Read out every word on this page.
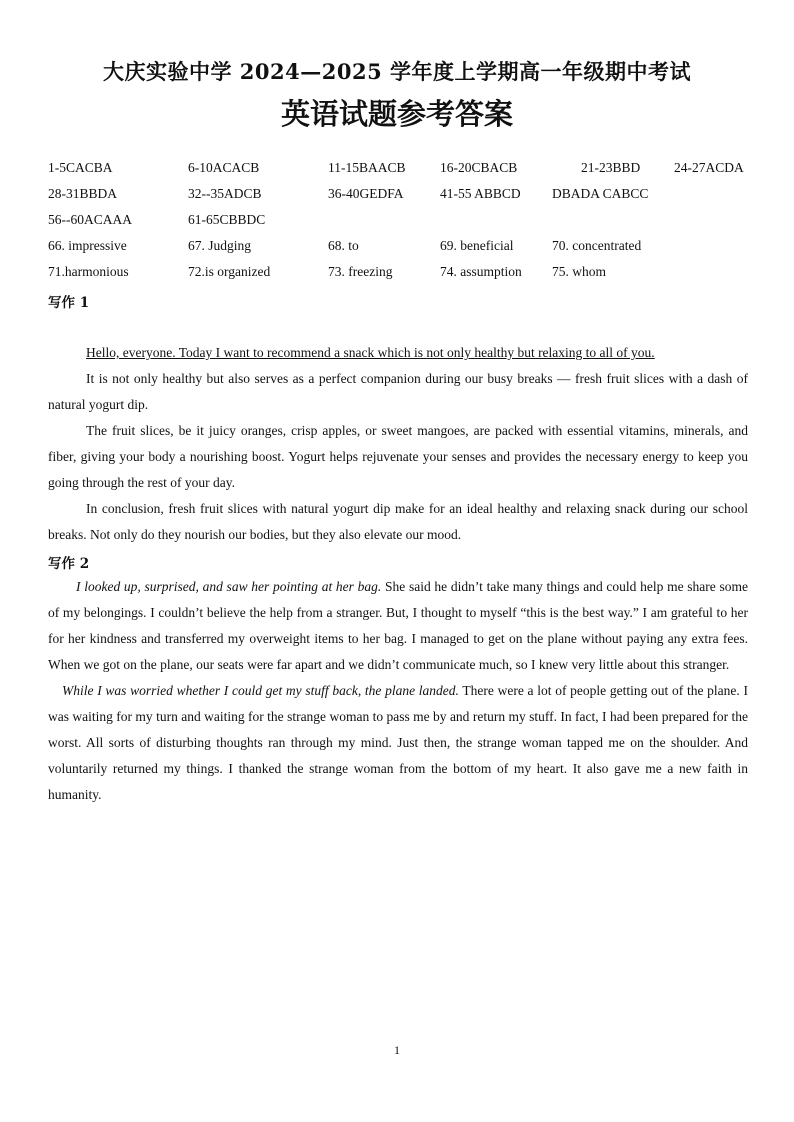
大庆实验中学 2024—2025 学年度上学期高一年级期中考试
英语试题参考答案
1-5CACBA	6-10ACACB	11-15BAACB	16-20CBACB	21-23BBD 24-27ACDA
28-31BBDA	32--35ADCB	36-40GEDFA	41-55 ABBCD DBADA CABCC
56--60ACAAA	61-65CBBDC
66. impressive	67. Judging	68. to	69. beneficial	70. concentrated
71.harmonious	72.is organized	73. freezing	74. assumption 75. whom
写作 1

Hello, everyone. Today I want to recommend a snack which is not only healthy but relaxing to all of you.

It is not only healthy but also serves as a perfect companion during our busy breaks — fresh fruit slices with a dash of natural yogurt dip.

The fruit slices, be it juicy oranges, crisp apples, or sweet mangoes, are packed with essential vitamins, minerals, and fiber, giving your body a nourishing boost. Yogurt helps rejuvenate your senses and provides the necessary energy to keep you going through the rest of your day.

In conclusion, fresh fruit slices with natural yogurt dip make for an ideal healthy and relaxing snack during our school breaks. Not only do they nourish our bodies, but they also elevate our mood.

写作 2

I looked up, surprised, and saw her pointing at her bag. She said he didn’t take many things and could help me share some of my belongings. I couldn’t believe the help from a stranger. But, I thought to myself “this is the best way.” I am grateful to her for her kindness and transferred my overweight items to her bag. I managed to get on the plane without paying any extra fees. When we got on the plane, our seats were far apart and we didn’t communicate much, so I knew very little about this stranger.

While I was worried whether I could get my stuff back, the plane landed. There were a lot of people getting out of the plane. I was waiting for my turn and waiting for the strange woman to pass me by and return my stuff. In fact, I had been prepared for the worst. All sorts of disturbing thoughts ran through my mind. Just then, the strange woman tapped me on the shoulder. And voluntarily returned my things. I thanked the strange woman from the bottom of my heart. It also gave me a new faith in humanity.

1
